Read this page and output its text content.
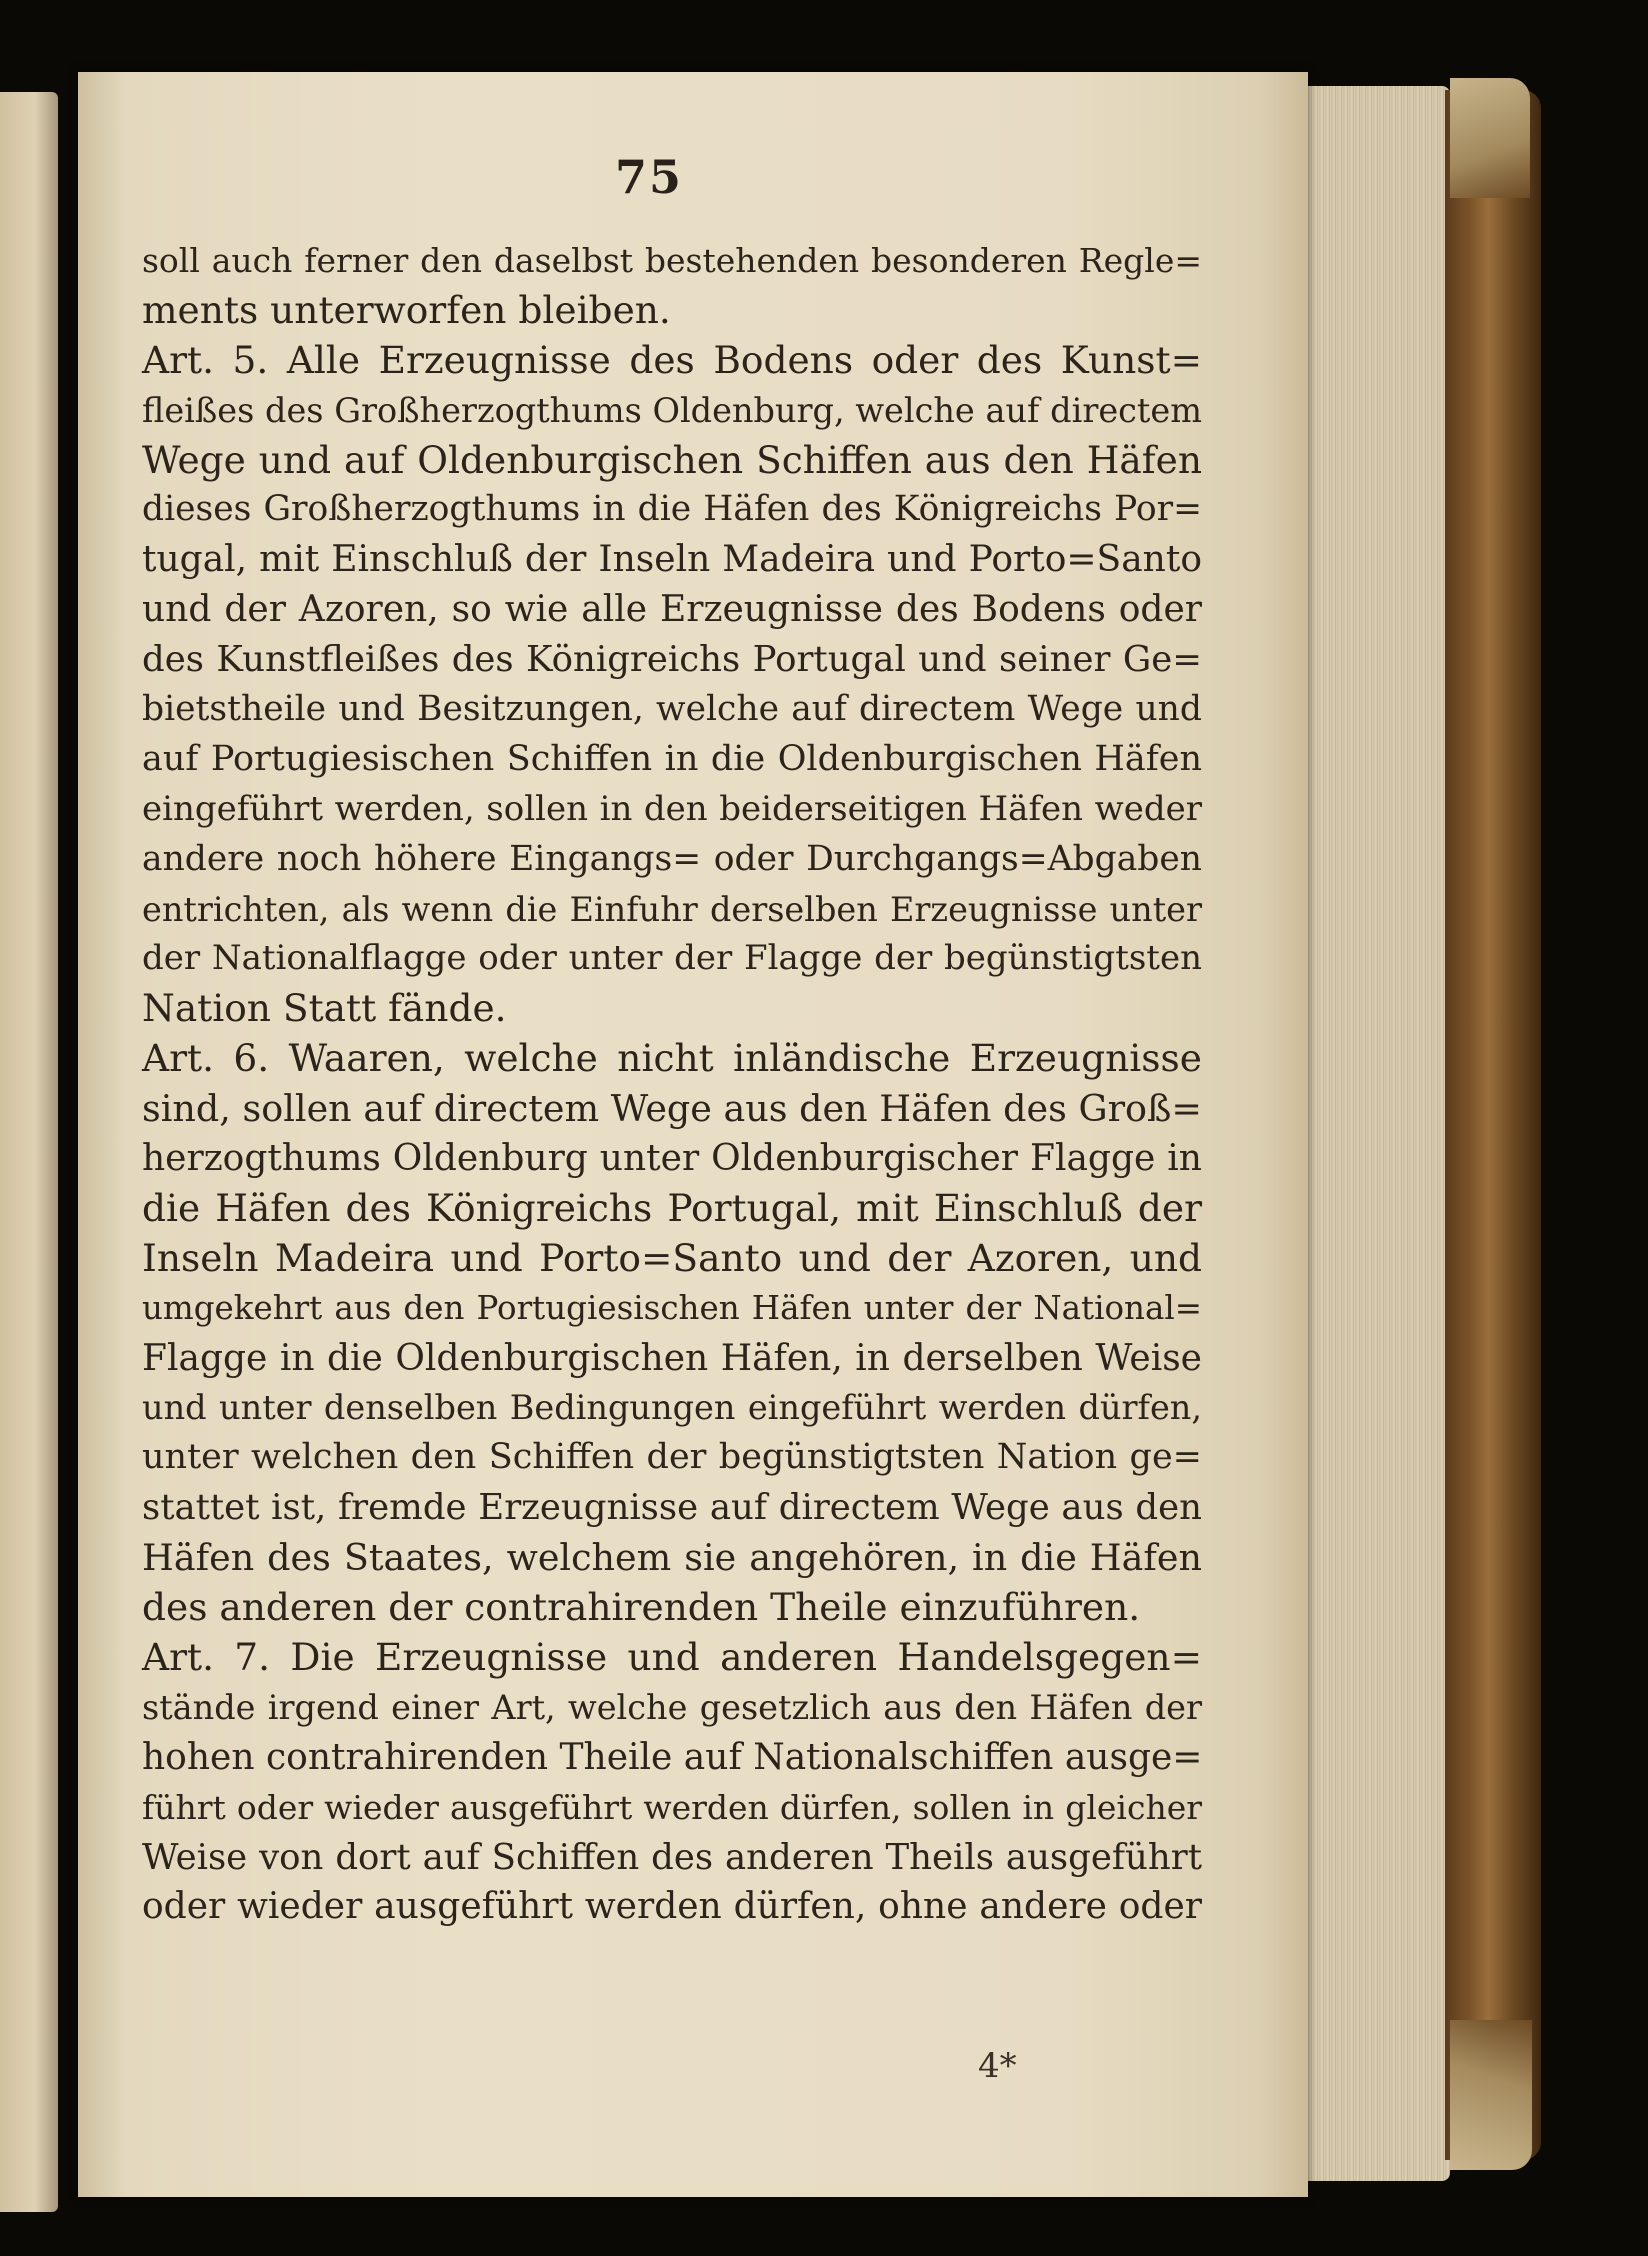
75
soll auch ferner den daselbst bestehenden besonderen Regle=
ments unterworfen bleiben.
Art. 5. Alle Erzeugnisse des Bodens oder des Kunst=
fleißes des Großherzogthums Oldenburg, welche auf directem
Wege und auf Oldenburgischen Schiffen aus den Häfen
dieses Großherzogthums in die Häfen des Königreichs Por=
tugal, mit Einschluß der Inseln Madeira und Porto=Santo
und der Azoren, so wie alle Erzeugnisse des Bodens oder
des Kunstfleißes des Königreichs Portugal und seiner Ge=
bietstheile und Besitzungen, welche auf directem Wege und
auf Portugiesischen Schiffen in die Oldenburgischen Häfen
eingeführt werden, sollen in den beiderseitigen Häfen weder
andere noch höhere Eingangs= oder Durchgangs=Abgaben
entrichten, als wenn die Einfuhr derselben Erzeugnisse unter
der Nationalflagge oder unter der Flagge der begünstigtsten
Nation Statt fände.
Art. 6. Waaren, welche nicht inländische Erzeugnisse
sind, sollen auf directem Wege aus den Häfen des Groß=
herzogthums Oldenburg unter Oldenburgischer Flagge in
die Häfen des Königreichs Portugal, mit Einschluß der
Inseln Madeira und Porto=Santo und der Azoren, und
umgekehrt aus den Portugiesischen Häfen unter der National=
Flagge in die Oldenburgischen Häfen, in derselben Weise
und unter denselben Bedingungen eingeführt werden dürfen,
unter welchen den Schiffen der begünstigtsten Nation ge=
stattet ist, fremde Erzeugnisse auf directem Wege aus den
Häfen des Staates, welchem sie angehören, in die Häfen
des anderen der contrahirenden Theile einzuführen.
Art. 7. Die Erzeugnisse und anderen Handelsgegen=
stände irgend einer Art, welche gesetzlich aus den Häfen der
hohen contrahirenden Theile auf Nationalschiffen ausge=
führt oder wieder ausgeführt werden dürfen, sollen in gleicher
Weise von dort auf Schiffen des anderen Theils ausgeführt
oder wieder ausgeführt werden dürfen, ohne andere oder
4*
